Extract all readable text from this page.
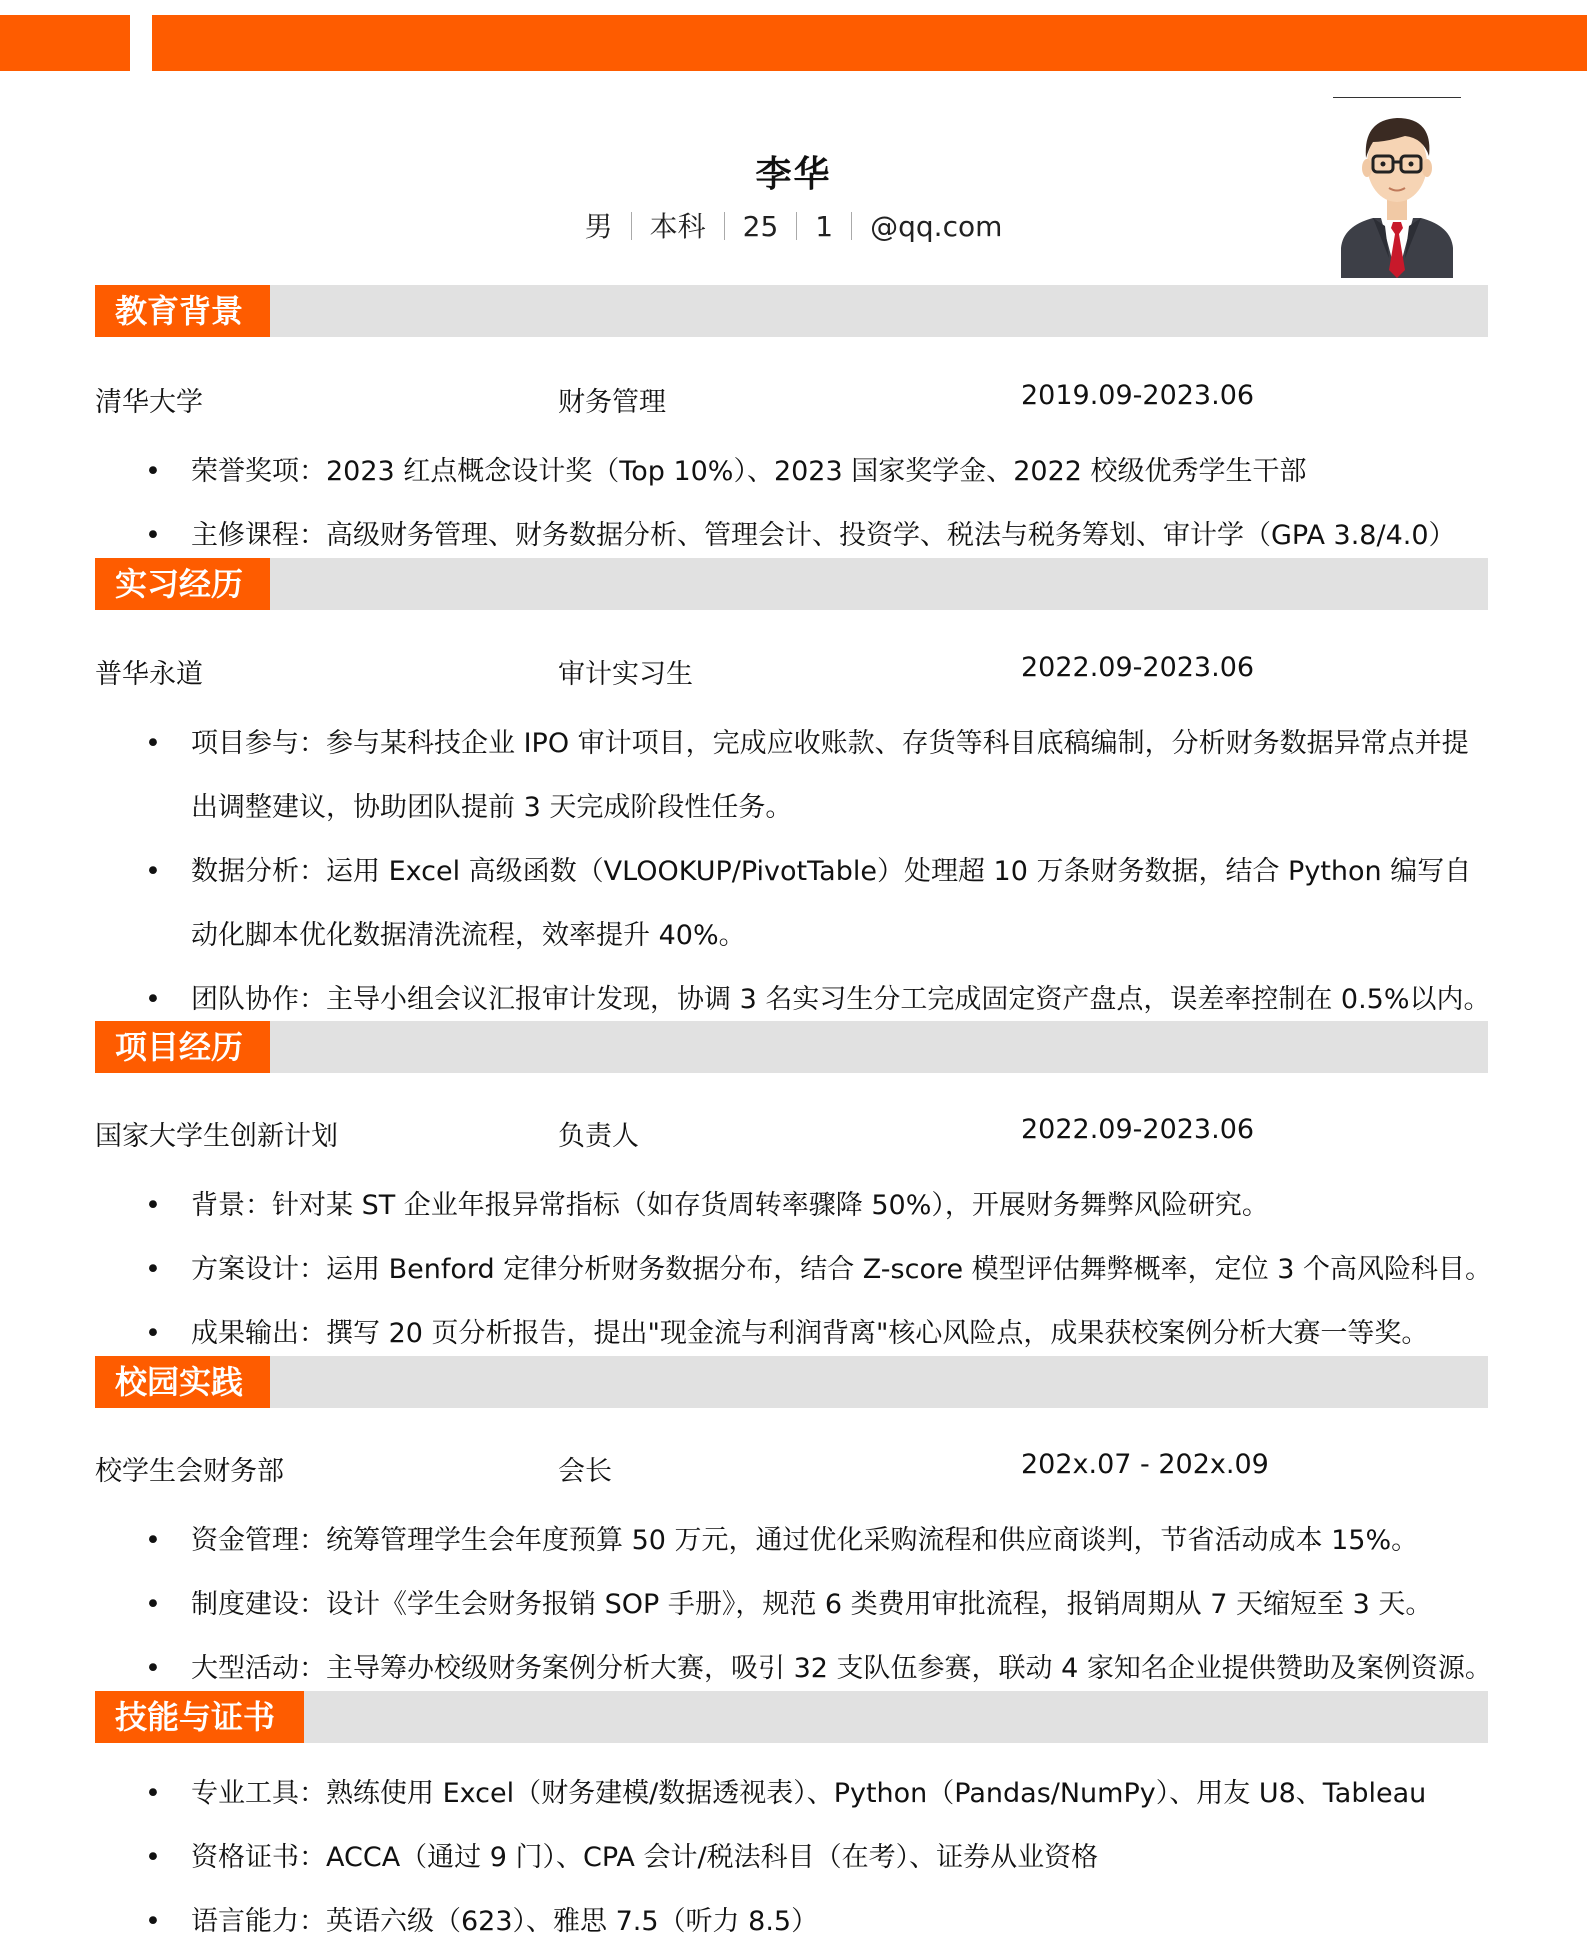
李华
男 本科 25 1 @qq.com
教育背景
清华大学	财务管理	2019.09-2023.06
• 荣誉奖项：2023 红点概念设计奖（Top 10%）、2023 国家奖学金、2022 校级优秀学生干部
• 主修课程：高级财务管理、财务数据分析、管理会计、投资学、税法与税务筹划、审计学（GPA 3.8/4.0）
实习经历
普华永道	审计实习生	2022.09-2023.06
• 项目参与：参与某科技企业 IPO 审计项目，完成应收账款、存货等科目底稿编制，分析财务数据异常点并提出调整建议，协助团队提前 3 天完成阶段性任务。
• 数据分析：运用 Excel 高级函数（VLOOKUP/PivotTable）处理超 10 万条财务数据，结合 Python 编写自动化脚本优化数据清洗流程，效率提升 40%。
• 团队协作：主导小组会议汇报审计发现，协调 3 名实习生分工完成固定资产盘点，误差率控制在 0.5%以内。
项目经历
国家大学生创新计划	负责人	2022.09-2023.06
• 背景：针对某 ST 企业年报异常指标（如存货周转率骤降 50%），开展财务舞弊风险研究。
• 方案设计：运用 Benford 定律分析财务数据分布，结合 Z-score 模型评估舞弊概率，定位 3 个高风险科目。
• 成果输出：撰写 20 页分析报告，提出"现金流与利润背离"核心风险点，成果获校案例分析大赛一等奖。
校园实践
校学生会财务部	会长	202x.07 - 202x.09
• 资金管理：统筹管理学生会年度预算 50 万元，通过优化采购流程和供应商谈判，节省活动成本 15%。
• 制度建设：设计《学生会财务报销 SOP 手册》，规范 6 类费用审批流程，报销周期从 7 天缩短至 3 天。
• 大型活动：主导筹办校级财务案例分析大赛，吸引 32 支队伍参赛，联动 4 家知名企业提供赞助及案例资源。
技能与证书
• 专业工具：熟练使用 Excel（财务建模/数据透视表）、Python（Pandas/NumPy）、用友 U8、Tableau
• 资格证书：ACCA（通过 9 门）、CPA 会计/税法科目（在考）、证券从业资格
• 语言能力：英语六级（623）、雅思 7.5（听力 8.5）
